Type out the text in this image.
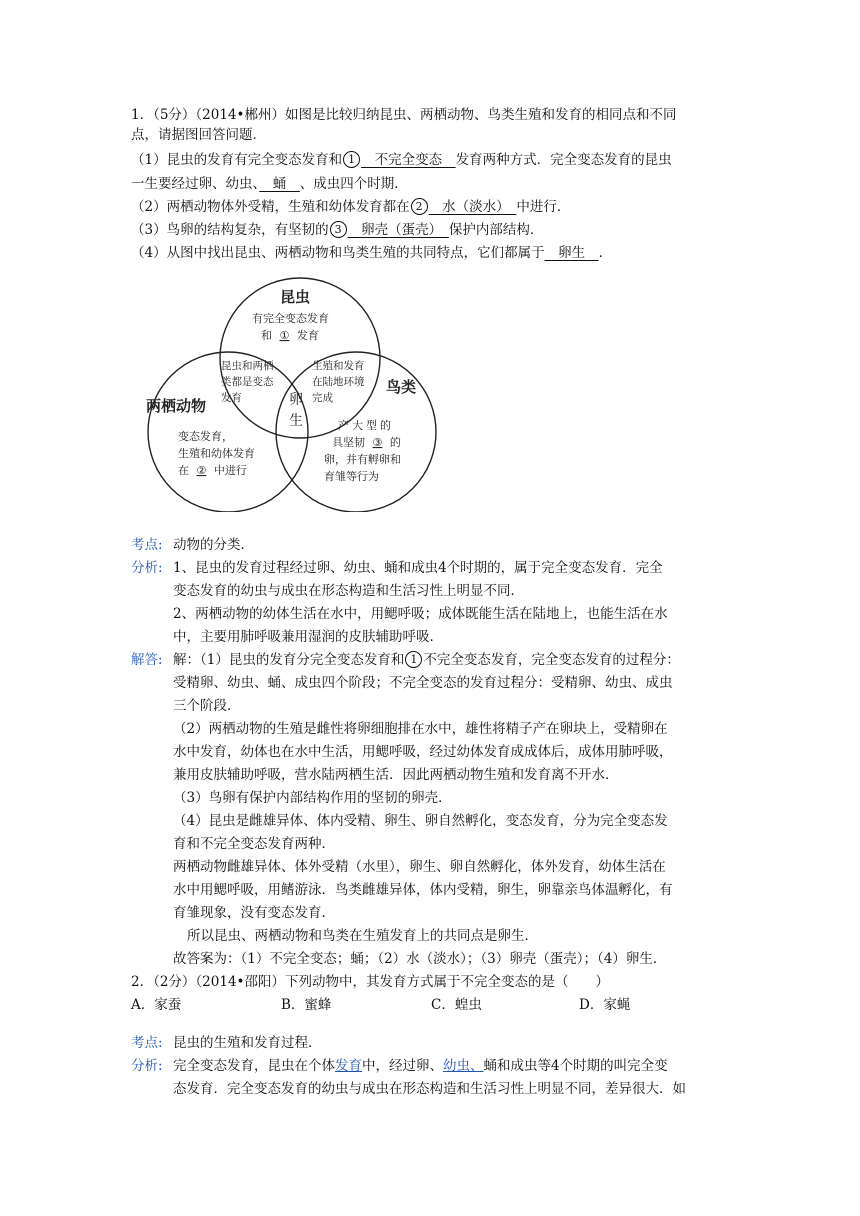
1．（5分）（2014•郴州）如图是比较归纳昆虫、两栖动物、鸟类生殖和发育的相同点和不同
点，请据图回答问题．
（1）昆虫的发育有完全变态发育和 1　不完全变态　发育两种方式．完全变态发育的昆虫
一生要经过卵、幼虫、　蛹　、成虫四个时期．
（2）两栖动物体外受精，生殖和幼体发育都在 2　水（淡水）　中进行．
（3）鸟卵的结构复杂，有坚韧的 3　卵壳（蛋壳）　保护内部结构．
（4）从图中找出昆虫、两栖动物和鸟类生殖的共同特点，它们都属于　卵生　．
昆虫
有完全变态发育
和 ① 发育
昆虫和两栖
类都是变态
发育
生殖和发育
在陆地环境
完成
卵
生
两栖动物
变态发育，
生殖和幼体发育
在 ② 中进行
鸟类
产大型的
具坚韧 ③ 的
卵，并有孵卵和
育雏等行为
考点: 动物的分类．
分析: 1、昆虫的发育过程经过卵、幼虫、蛹和成虫4个时期的，属于完全变态发育．完全
变态发育的幼虫与成虫在形态构造和生活习性上明显不同．
2、两栖动物的幼体生活在水中，用鳃呼吸；成体既能生活在陆地上，也能生活在水
中，主要用肺呼吸兼用湿润的皮肤辅助呼吸．
解答: 解：（1）昆虫的发育分完全变态发育和 1 不完全变态发育，完全变态发育的过程分：
受精卵、幼虫、蛹、成虫四个阶段；不完全变态的发育过程分：受精卵、幼虫、成虫
三个阶段．
（2）两栖动物的生殖是雌性将卵细胞排在水中，雄性将精子产在卵块上，受精卵在
水中发育，幼体也在水中生活，用鳃呼吸，经过幼体发育成成体后，成体用肺呼吸，
兼用皮肤辅助呼吸，营水陆两栖生活．因此两栖动物生殖和发育离不开水．
（3）鸟卵有保护内部结构作用的坚韧的卵壳．
（4）昆虫是雌雄异体、体内受精、卵生、卵自然孵化，变态发育，分为完全变态发
育和不完全变态发育两种．
两栖动物雌雄异体、体外受精（水里），卵生、卵自然孵化，体外发育，幼体生活在
水中用鳃呼吸，用鳍游泳．鸟类雌雄异体，体内受精，卵生，卵靠亲鸟体温孵化，有
育雏现象，没有变态发育．
所以昆虫、两栖动物和鸟类在生殖发育上的共同点是卵生．
故答案为：（1）不完全变态；蛹；（2）水（淡水）；（3）卵壳（蛋壳）；（4）卵生．
2．（2分）（2014•邵阳）下列动物中，其发育方式属于不完全变态的是（　　）
A．家蚕	B．蜜蜂	C．蝗虫	D．家蝇
考点: 昆虫的生殖和发育过程．
分析: 完全变态发育，昆虫在个体发育中，经过卵、幼虫、蛹和成虫等4个时期的叫完全变
态发育．完全变态发育的幼虫与成虫在形态构造和生活习性上明显不同，差异很大．如
